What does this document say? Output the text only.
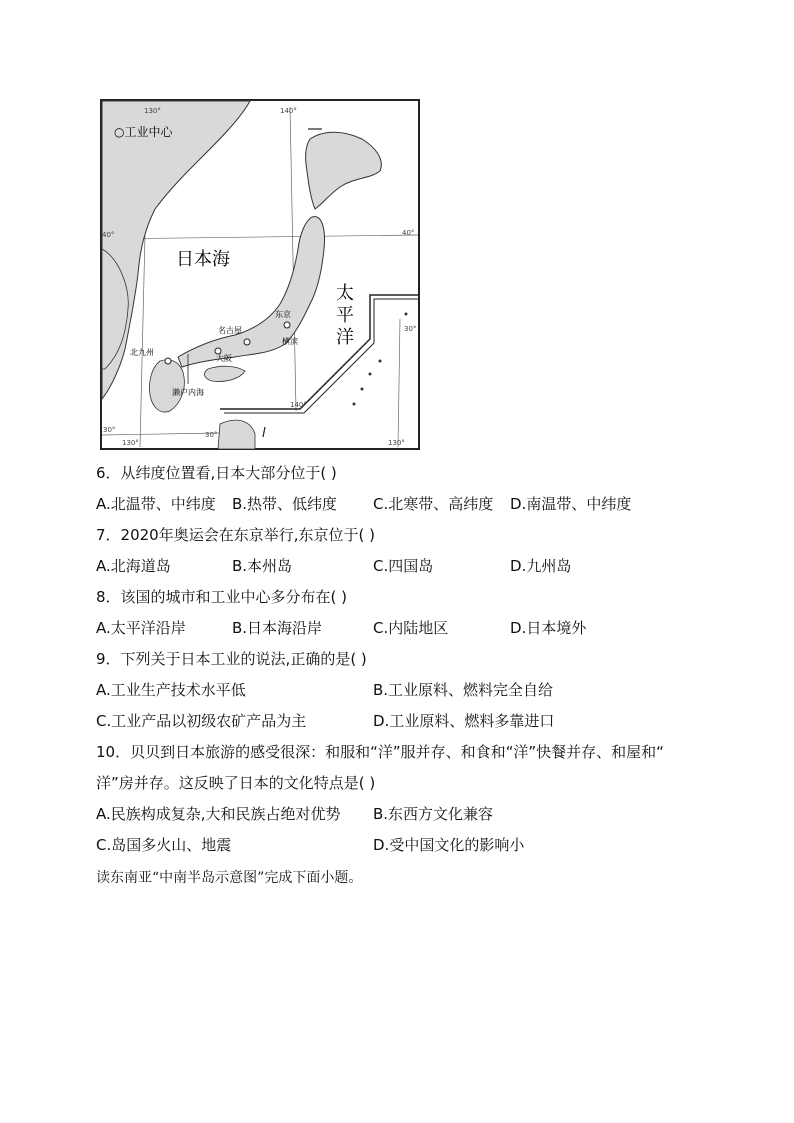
○工业中心
日本海
太
平
洋
东京
横滨
名古屋
大阪
北九州
濑户内海
130°	140°
40°	40°
30°
140°
30°
30°
130°	130°
6．从纬度位置看,日本大部分位于( )
A.北温带、中纬度 B.热带、低纬度 C.北寒带、高纬度 D.南温带、中纬度
7．2020年奥运会在东京举行,东京位于( )
A.北海道岛	B.本州岛	C.四国岛	D.九州岛
8．该国的城市和工业中心多分布在( )
A.太平洋沿岸	B.日本海沿岸	C.内陆地区	D.日本境外
9．下列关于日本工业的说法,正确的是( )
A.工业生产技术水平低	B.工业原料、燃料完全自给
C.工业产品以初级农矿产品为主	D.工业原料、燃料多靠进口
10．贝贝到日本旅游的感受很深：和服和“洋”服并存、和食和“洋”快餐并存、和屋和“
洋”房并存。这反映了日本的文化特点是( )
A.民族构成复杂,大和民族占绝对优势 B.东西方文化兼容
C.岛国多火山、地震	D.受中国文化的影响小
读东南亚“中南半岛示意图”完成下面小题。
